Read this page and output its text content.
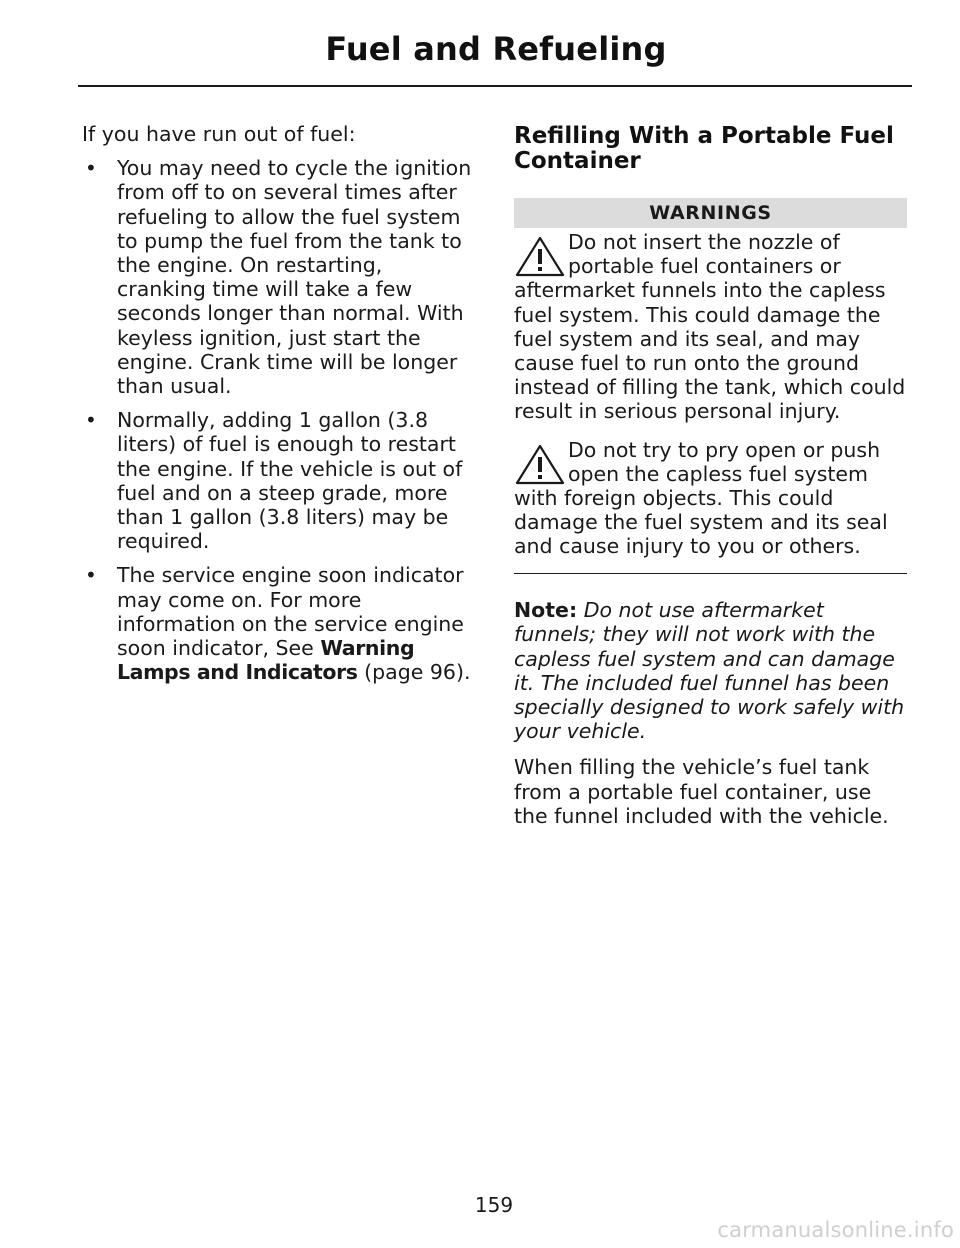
Fuel and Refueling

If you have run out of fuel:

• You may need to cycle the ignition from off to on several times after refueling to allow the fuel system to pump the fuel from the tank to the engine. On restarting, cranking time will take a few seconds longer than normal. With keyless ignition, just start the engine. Crank time will be longer than usual.
• Normally, adding 1 gallon (3.8 liters) of fuel is enough to restart the engine. If the vehicle is out of fuel and on a steep grade, more than 1 gallon (3.8 liters) may be required.
• The service engine soon indicator may come on. For more information on the service engine soon indicator, See Warning Lamps and Indicators (page 96).
Refilling With a Portable Fuel Container
WARNINGS
Do not insert the nozzle of portable fuel containers or aftermarket funnels into the capless fuel system. This could damage the fuel system and its seal, and may cause fuel to run onto the ground instead of filling the tank, which could result in serious personal injury.
Do not try to pry open or push open the capless fuel system with foreign objects. This could damage the fuel system and its seal and cause injury to you or others.

Note: Do not use aftermarket funnels; they will not work with the capless fuel system and can damage it. The included fuel funnel has been specially designed to work safely with your vehicle.

When filling the vehicle’s fuel tank from a portable fuel container, use the funnel included with the vehicle.

159
carmanualsonline.info
